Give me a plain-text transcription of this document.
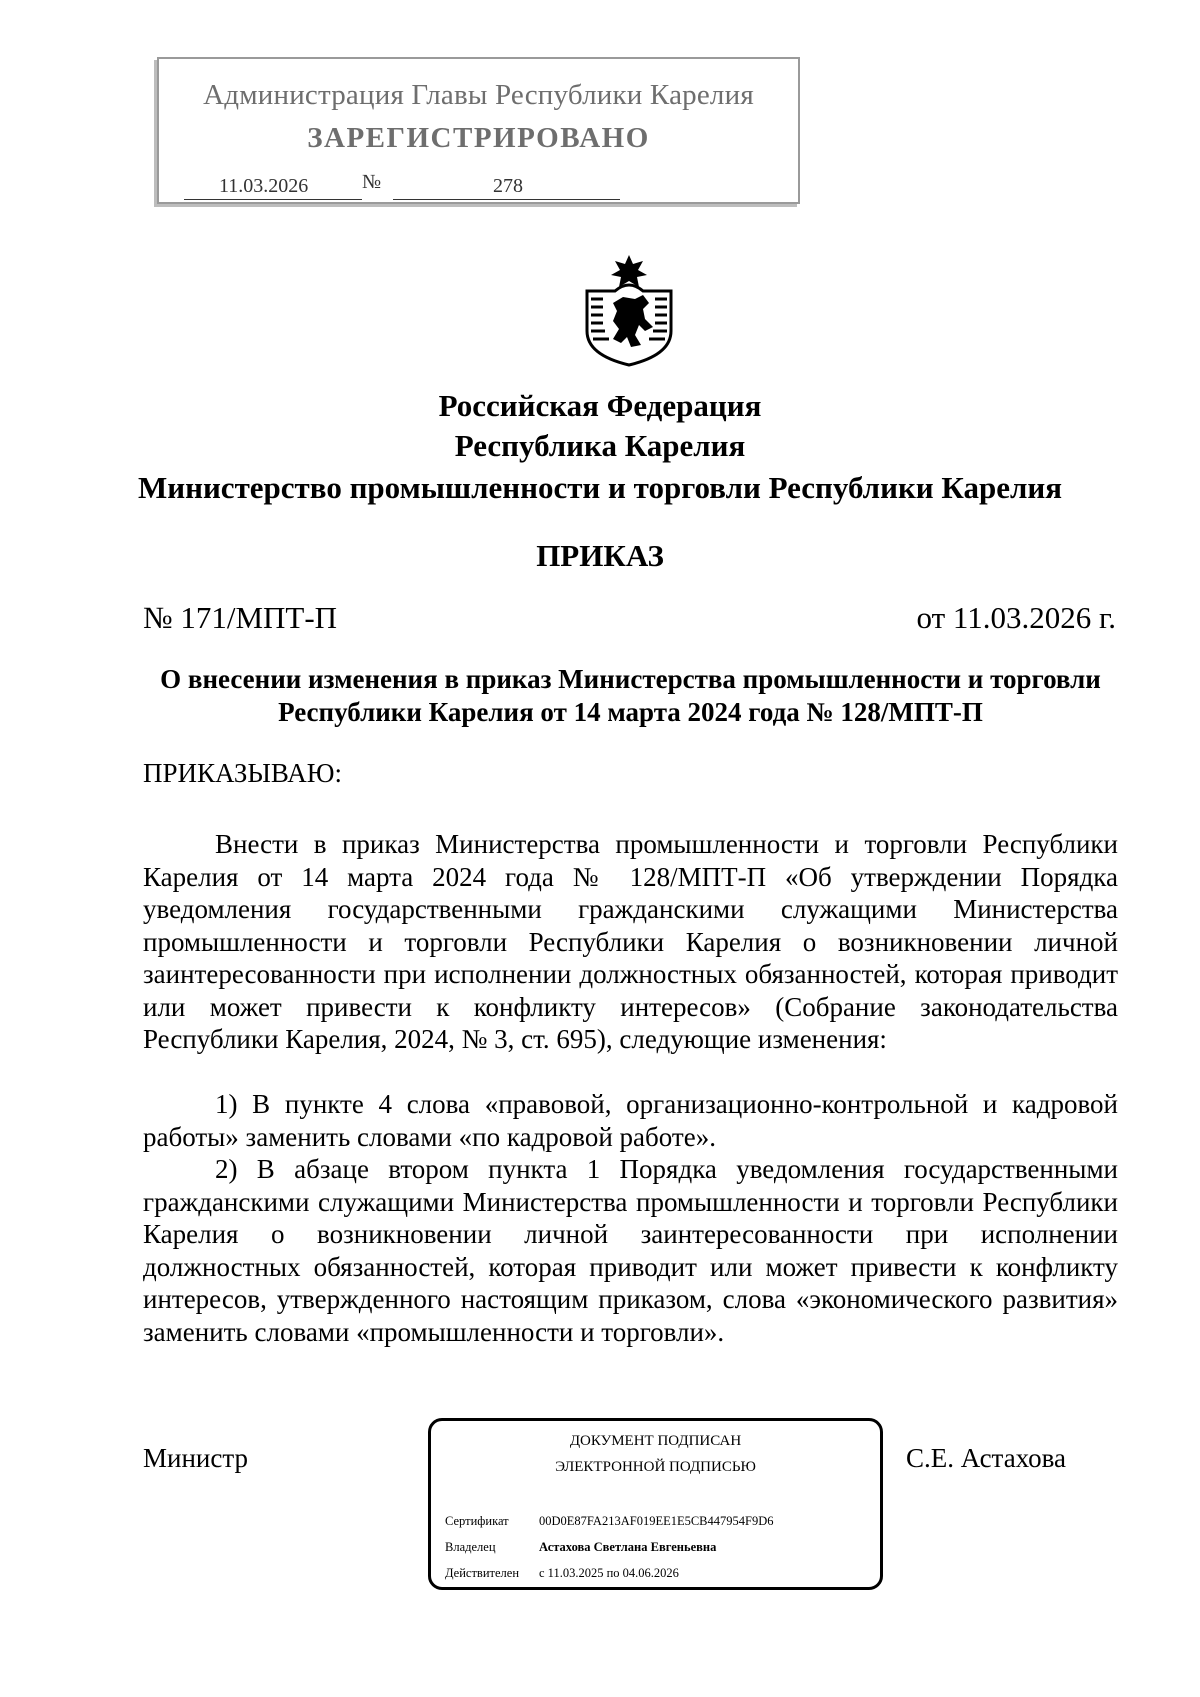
Администрация Главы Республики Карелия
ЗАРЕГИСТРИРОВАНО
11.03.2026	№	278
Российская Федерация
Республика Карелия
Министерство промышленности и торговли Республики Карелия
ПРИКАЗ
№ 171/МПТ-П	от 11.03.2026 г.
О внесении изменения в приказ Министерства промышленности и торговли Республики Карелия от 14 марта 2024 года № 128/МПТ-П
ПРИКАЗЫВАЮ:

Внести в приказ Министерства промышленности и торговли Республики Карелия от 14 марта 2024 года № 128/МПТ-П «Об утверждении Порядка уведомления государственными гражданскими служащими Министерства промышленности и торговли Республики Карелия о возникновении личной заинтересованности при исполнении должностных обязанностей, которая приводит или может привести к конфликту интересов» (Собрание законодательства Республики Карелия, 2024, № 3, ст. 695), следующие изменения:

1) В пункте 4 слова «правовой, организационно-контрольной и кадровой работы» заменить словами «по кадровой работе».

2) В абзаце втором пункта 1 Порядка уведомления государственными гражданскими служащими Министерства промышленности и торговли Республики Карелия о возникновении личной заинтересованности при исполнении должностных обязанностей, которая приводит или может привести к конфликту интересов, утвержденного настоящим приказом, слова «экономического развития» заменить словами «промышленности и торговли».

Министр
ДОКУМЕНТ ПОДПИСАН
ЭЛЕКТРОННОЙ ПОДПИСЬЮ
Сертификат 00D0E87FA213AF019EE1E5CB447954F9D6
Владелец	Астахова Светлана Евгеньевна
Действителен с 11.03.2025 по 04.06.2026
С.Е. Астахова
